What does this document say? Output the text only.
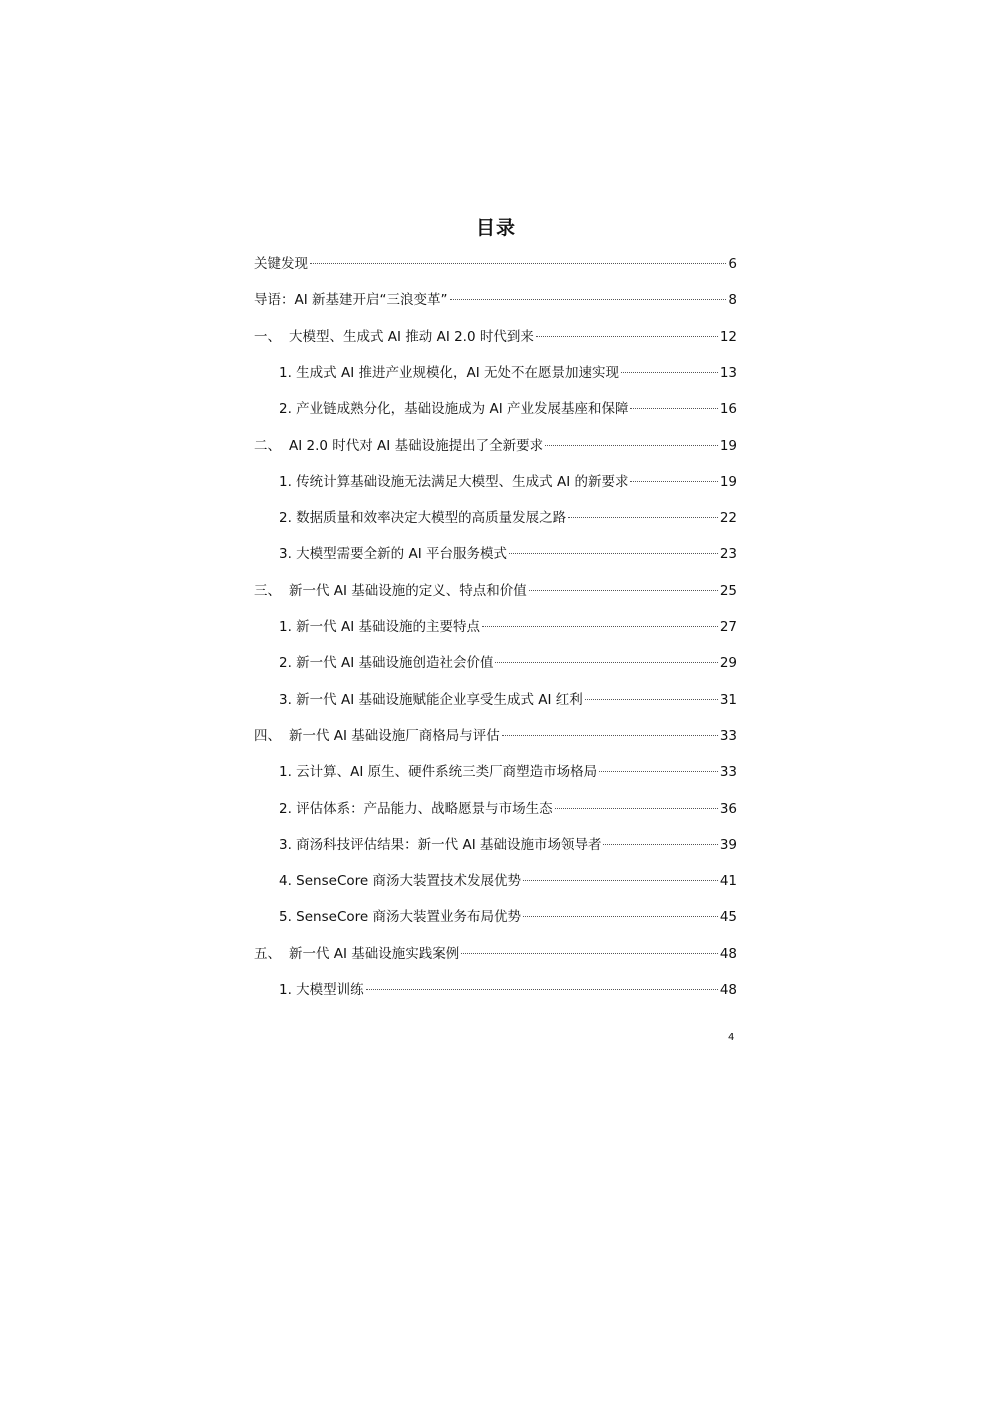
目录
关键发现	6
导语：AI 新基建开启“三浪变革”	8
一、 大模型、生成式 AI 推动 AI 2.0 时代到来	12
1. 生成式 AI 推进产业规模化，AI 无处不在愿景加速实现	13
2. 产业链成熟分化，基础设施成为 AI 产业发展基座和保障	16
二、 AI 2.0 时代对 AI 基础设施提出了全新要求	19
1. 传统计算基础设施无法满足大模型、生成式 AI 的新要求	19
2. 数据质量和效率决定大模型的高质量发展之路	22
3. 大模型需要全新的 AI 平台服务模式	23
三、 新一代 AI 基础设施的定义、特点和价值	25
1. 新一代 AI 基础设施的主要特点	27
2. 新一代 AI 基础设施创造社会价值	29
3. 新一代 AI 基础设施赋能企业享受生成式 AI 红利	31
四、 新一代 AI 基础设施厂商格局与评估	33
1. 云计算、AI 原生、硬件系统三类厂商塑造市场格局	33
2. 评估体系：产品能力、战略愿景与市场生态	36
3. 商汤科技评估结果：新一代 AI 基础设施市场领导者	39
4. SenseCore 商汤大装置技术发展优势	41
5. SenseCore 商汤大装置业务布局优势	45
五、 新一代 AI 基础设施实践案例	48
1. 大模型训练	48
4
